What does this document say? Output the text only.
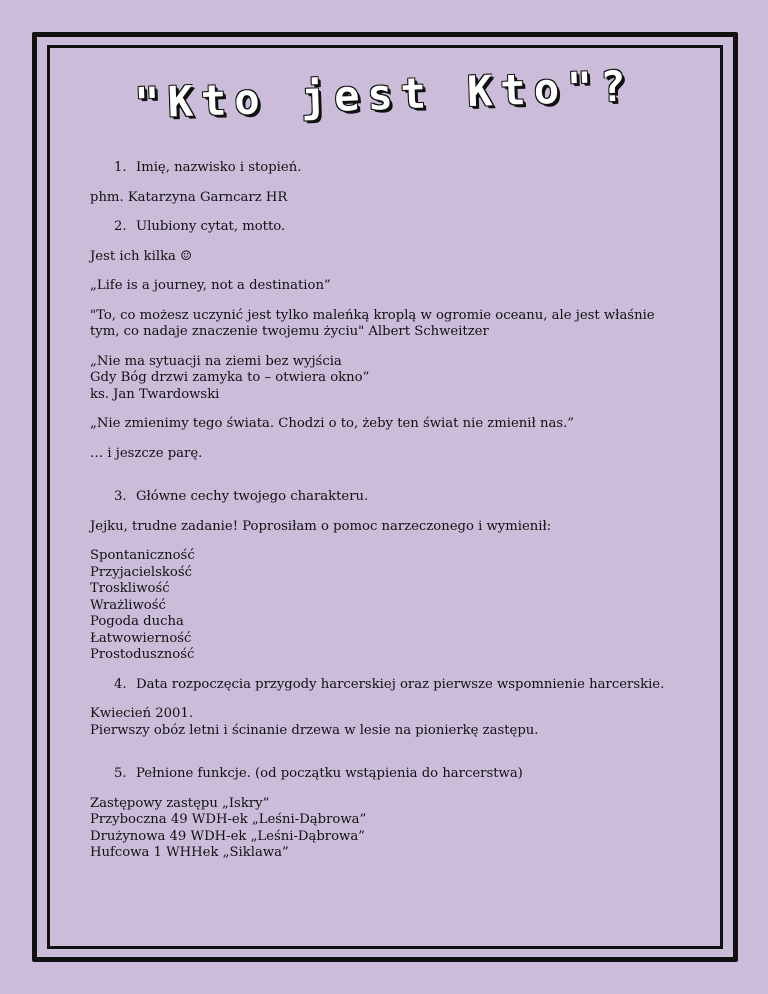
"Kto jest Kto"?
1. Imię, nazwisko i stopień.
phm. Katarzyna Garncarz HR
2. Ulubiony cytat, motto.
Jest ich kilka ☺
„Life is a journey, not a destination”
"To, co możesz uczynić jest tylko maleńką kroplą w ogromie oceanu, ale jest właśnie
tym, co nadaje znaczenie twojemu życiu" Albert Schweitzer
„Nie ma sytuacji na ziemi bez wyjścia
Gdy Bóg drzwi zamyka to – otwiera okno”
ks. Jan Twardowski
„Nie zmienimy tego świata. Chodzi o to, żeby ten świat nie zmienił nas.”
… i jeszcze parę.
3. Główne cechy twojego charakteru.
Jejku, trudne zadanie! Poprosiłam o pomoc narzeczonego i wymienił:
Spontaniczność
Przyjacielskość
Troskliwość
Wrażliwość
Pogoda ducha
Łatwowierność
Prostoduszność
4. Data rozpoczęcia przygody harcerskiej oraz pierwsze wspomnienie harcerskie.
Kwiecień 2001.
Pierwszy obóz letni i ścinanie drzewa w lesie na pionierkę zastępu.
5. Pełnione funkcje. (od początku wstąpienia do harcerstwa)
Zastępowy zastępu „Iskry”
Przyboczna 49 WDH-ek „Leśni-Dąbrowa”
Drużynowa 49 WDH-ek „Leśni-Dąbrowa”
Hufcowa 1 WHHek „Siklawa”
